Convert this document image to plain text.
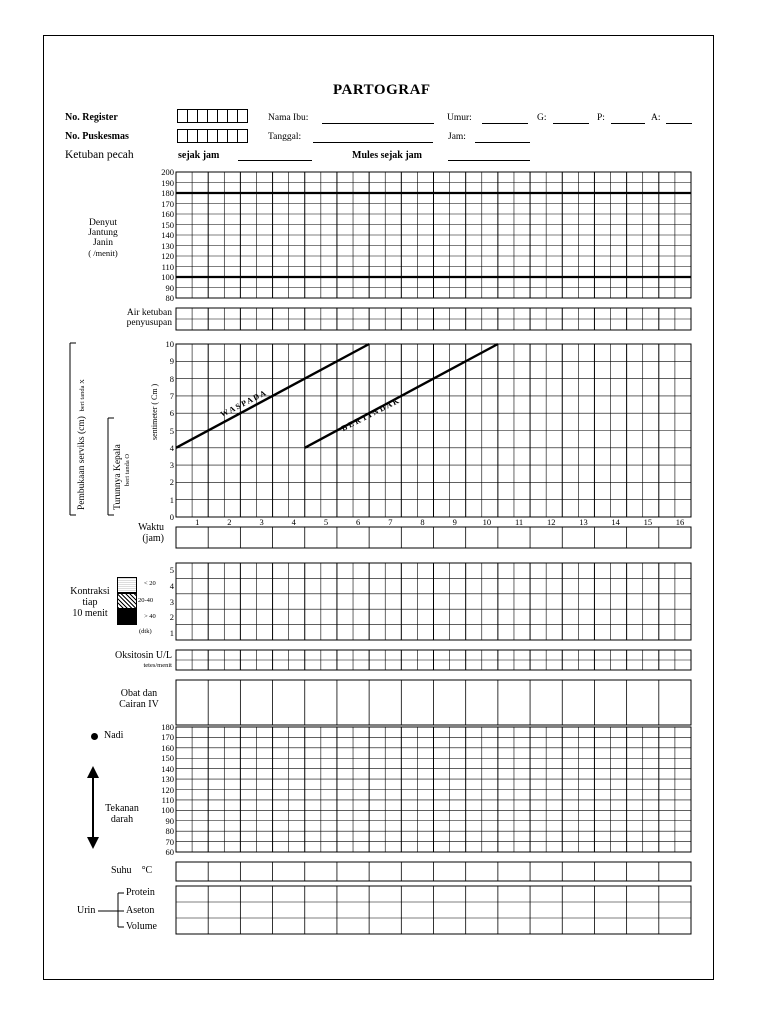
PARTOGRAF
No. Register	Nama Ibu:	Umur:	G:	P:	A:
No. Puskesmas	Tanggal:	Jam:
Ketuban pecah	sejak jam	Mules sejak jam
Denyut
Jantung
Janin
( /menit)
200
190
180
170
160
150
140
130
120
110
100
90
80
Air ketuban
penyusupan
Pembukaan serviks (cm)  beri tanda X
Turunnya Kepala beri tanda O
sentimeter ( Cm )
10
9
8
7
6
5
4
3
2
1
0	1	2	3	4	5	6	7	8	9	10	11	12	13	14	15	16
Waktu
(jam)
Kontraksi
tiap
10 menit
< 20
20-40
> 40
(dtk)
5
4
3
2
1
Oksitosin U/L
tetes/menit
Obat dan
Cairan IV
Nadi
Tekanan
darah
180
170
160
150
140
130
120
110
100
90
80
70
60
Suhu °C
Urin
Protein
Aseton
Volume
W A S P A D A	B E R T I N D A K
